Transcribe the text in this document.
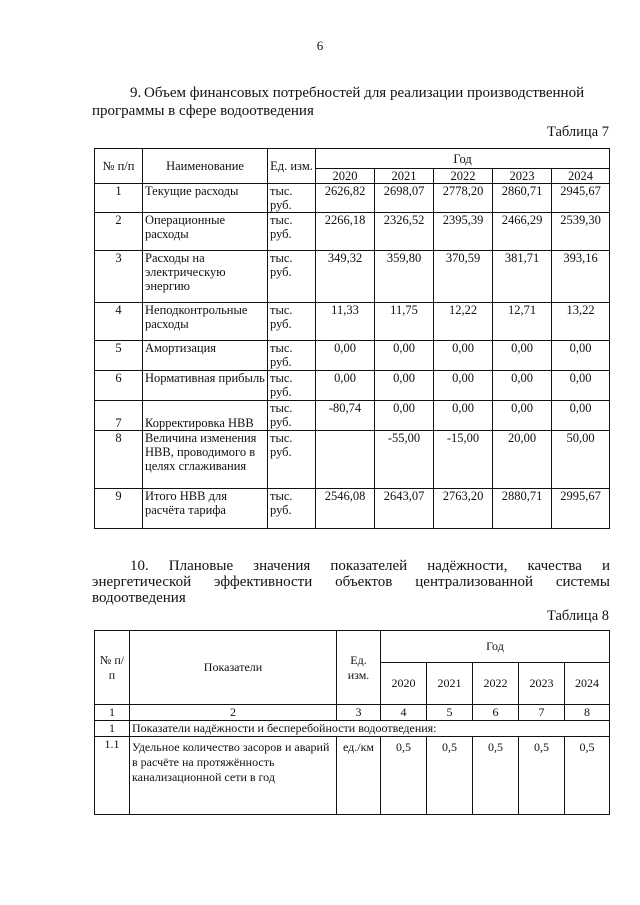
6
9. Объем финансовых потребностей для реализации производственной
программы в сфере водоотведения
Таблица 7
№ п/п	Наименование	Ед. изм.	Год				
			2020	2021	2022	2023	2024
1	Текущие расходы	тыс. руб.	2626,82	2698,07	2778,20	2860,71	2945,67
2	Операционные расходы	тыс. руб.	2266,18	2326,52	2395,39	2466,29	2539,30
3	Расходы на электрическую энергию	тыс. руб.	349,32	359,80	370,59	381,71	393,16
4	Неподконтрольные расходы	тыс. руб.	11,33	11,75	12,22	12,71	13,22
5	Амортизация	тыс. руб.	0,00	0,00	0,00	0,00	0,00
6	Нормативная прибыль	тыс. руб.	0,00	0,00	0,00	0,00	0,00
7	Корректировка НВВ	тыс. руб.	-80,74	0,00	0,00	0,00	0,00
8	Величина изменения НВВ, проводимого в целях сглаживания	тыс. руб.		-55,00	-15,00	20,00	50,00
9	Итого НВВ для расчёта тарифа	тыс. руб.	2546,08	2643,07	2763,20	2880,71	2995,67
10. Плановые значения показателей надёжности, качества и
энергетической эффективности объектов централизованной системы
водоотведения
Таблица 8
№ п/п	Показатели	Ед. изм.	Год				
			2020	2021	2022	2023	2024
1	2	3	4	5	6	7	8
1	Показатели надёжности и бесперебойности водоотведения:						
1.1	Удельное количество засоров и аварий в расчёте на протяжённость канализационной сети в год	ед./км	0,5	0,5	0,5	0,5	0,5
